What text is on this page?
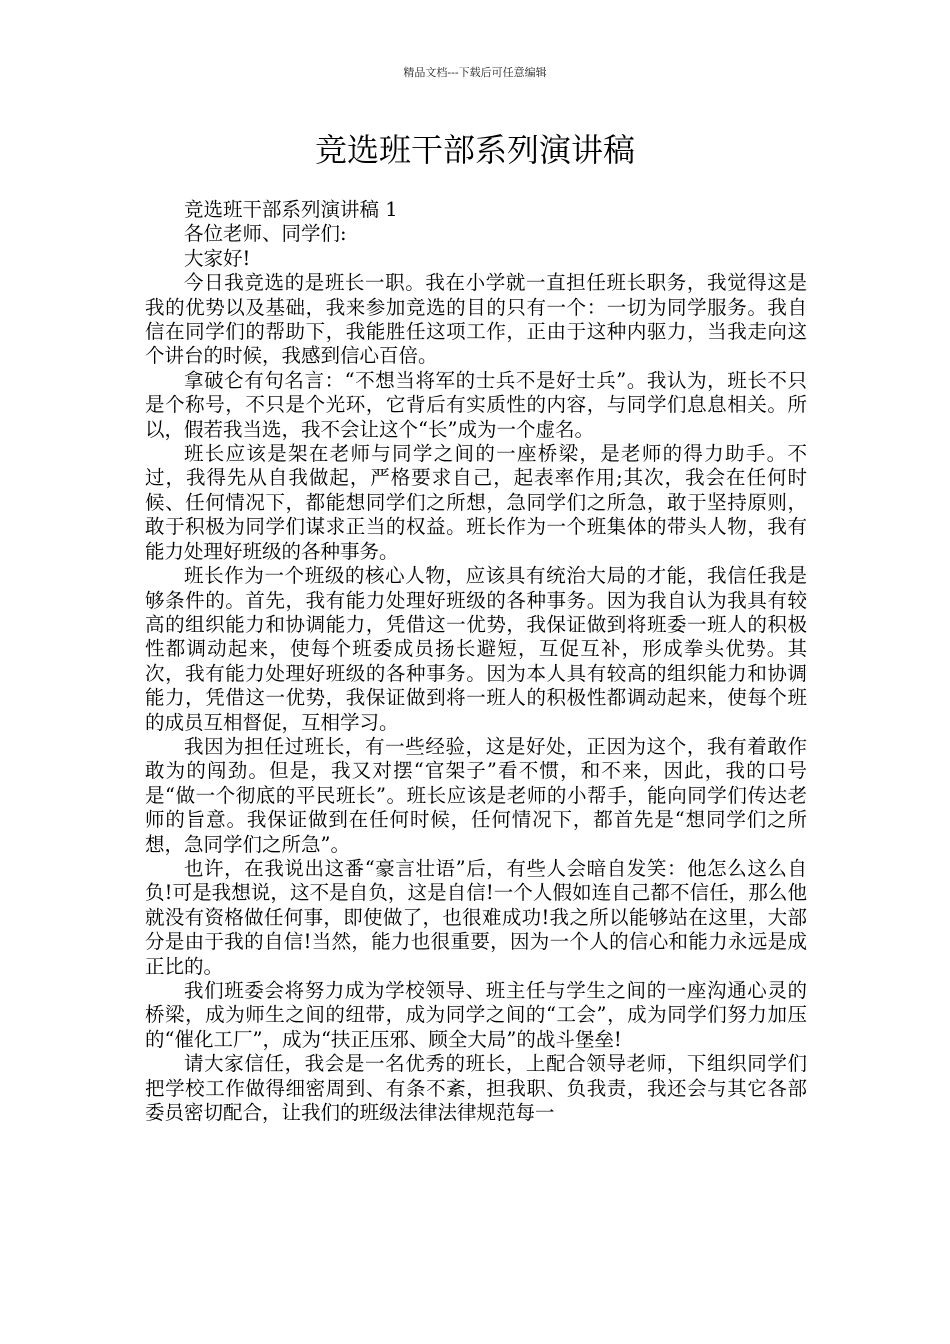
精品文档---下载后可任意编辑
竞选班干部系列演讲稿

竞选班干部系列演讲稿 1

各位老师、同学们:

大家好!

今日我竞选的是班长一职。我在小学就一直担任班长职务，我觉得这是我的优势以及基础，我来参加竞选的目的只有一个：一切为同学服务。我自信在同学们的帮助下，我能胜任这项工作，正由于这种内驱力，当我走向这个讲台的时候，我感到信心百倍。

拿破仑有句名言：“不想当将军的士兵不是好士兵”。我认为，班长不只是个称号，不只是个光环，它背后有实质性的内容，与同学们息息相关。所以，假若我当选，我不会让这个“长”成为一个虚名。

班长应该是架在老师与同学之间的一座桥梁，是老师的得力助手。不过，我得先从自我做起，严格要求自己，起表率作用;其次，我会在任何时候、任何情况下，都能想同学们之所想，急同学们之所急，敢于坚持原则，敢于积极为同学们谋求正当的权益。班长作为一个班集体的带头人物，我有能力处理好班级的各种事务。

班长作为一个班级的核心人物，应该具有统治大局的才能，我信任我是够条件的。首先，我有能力处理好班级的各种事务。因为我自认为我具有较高的组织能力和协调能力，凭借这一优势，我保证做到将班委一班人的积极性都调动起来，使每个班委成员扬长避短，互促互补，形成拳头优势。其次，我有能力处理好班级的各种事务。因为本人具有较高的组织能力和协调能力，凭借这一优势，我保证做到将一班人的积极性都调动起来，使每个班的成员互相督促，互相学习。

我因为担任过班长，有一些经验，这是好处，正因为这个，我有着敢作敢为的闯劲。但是，我又对摆“官架子”看不惯，和不来，因此，我的口号是“做一个彻底的平民班长”。班长应该是老师的小帮手，能向同学们传达老师的旨意。我保证做到在任何时候，任何情况下，都首先是“想同学们之所想，急同学们之所急”。

也许，在我说出这番“豪言壮语”后，有些人会暗自发笑：他怎么这么自负!可是我想说，这不是自负，这是自信!一个人假如连自己都不信任，那么他就没有资格做任何事，即使做了，也很难成功!我之所以能够站在这里，大部分是由于我的自信!当然，能力也很重要，因为一个人的信心和能力永远是成正比的。

我们班委会将努力成为学校领导、班主任与学生之间的一座沟通心灵的桥梁，成为师生之间的纽带，成为同学之间的“工会”，成为同学们努力加压的“催化工厂”，成为“扶正压邪、顾全大局”的战斗堡垒!

请大家信任，我会是一名优秀的班长，上配合领导老师，下组织同学们把学校工作做得细密周到、有条不紊，担我职、负我责，我还会与其它各部委员密切配合，让我们的班级法律法律规范每一
